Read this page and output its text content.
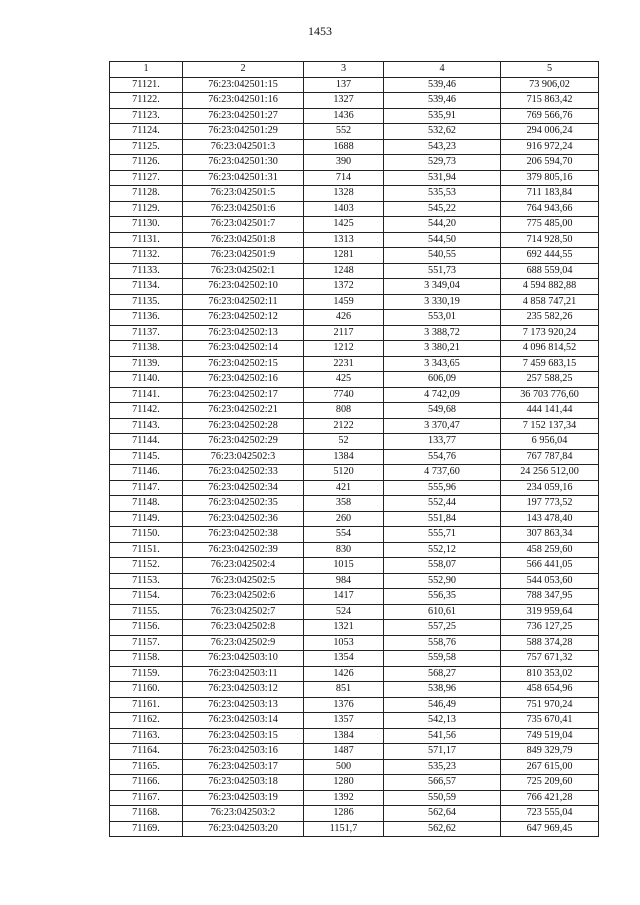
1453
1	2	3	4	5
71121.	76:23:042501:15	137	539,46	73 906,02
71122.	76:23:042501:16	1327	539,46	715 863,42
71123.	76:23:042501:27	1436	535,91	769 566,76
71124.	76:23:042501:29	552	532,62	294 006,24
71125.	76:23:042501:3	1688	543,23	916 972,24
71126.	76:23:042501:30	390	529,73	206 594,70
71127.	76:23:042501:31	714	531,94	379 805,16
71128.	76:23:042501:5	1328	535,53	711 183,84
71129.	76:23:042501:6	1403	545,22	764 943,66
71130.	76:23:042501:7	1425	544,20	775 485,00
71131.	76:23:042501:8	1313	544,50	714 928,50
71132.	76:23:042501:9	1281	540,55	692 444,55
71133.	76:23:042502:1	1248	551,73	688 559,04
71134.	76:23:042502:10	1372	3 349,04	4 594 882,88
71135.	76:23:042502:11	1459	3 330,19	4 858 747,21
71136.	76:23:042502:12	426	553,01	235 582,26
71137.	76:23:042502:13	2117	3 388,72	7 173 920,24
71138.	76:23:042502:14	1212	3 380,21	4 096 814,52
71139.	76:23:042502:15	2231	3 343,65	7 459 683,15
71140.	76:23:042502:16	425	606,09	257 588,25
71141.	76:23:042502:17	7740	4 742,09	36 703 776,60
71142.	76:23:042502:21	808	549,68	444 141,44
71143.	76:23:042502:28	2122	3 370,47	7 152 137,34
71144.	76:23:042502:29	52	133,77	6 956,04
71145.	76:23:042502:3	1384	554,76	767 787,84
71146.	76:23:042502:33	5120	4 737,60	24 256 512,00
71147.	76:23:042502:34	421	555,96	234 059,16
71148.	76:23:042502:35	358	552,44	197 773,52
71149.	76:23:042502:36	260	551,84	143 478,40
71150.	76:23:042502:38	554	555,71	307 863,34
71151.	76:23:042502:39	830	552,12	458 259,60
71152.	76:23:042502:4	1015	558,07	566 441,05
71153.	76:23:042502:5	984	552,90	544 053,60
71154.	76:23:042502:6	1417	556,35	788 347,95
71155.	76:23:042502:7	524	610,61	319 959,64
71156.	76:23:042502:8	1321	557,25	736 127,25
71157.	76:23:042502:9	1053	558,76	588 374,28
71158.	76:23:042503:10	1354	559,58	757 671,32
71159.	76:23:042503:11	1426	568,27	810 353,02
71160.	76:23:042503:12	851	538,96	458 654,96
71161.	76:23:042503:13	1376	546,49	751 970,24
71162.	76:23:042503:14	1357	542,13	735 670,41
71163.	76:23:042503:15	1384	541,56	749 519,04
71164.	76:23:042503:16	1487	571,17	849 329,79
71165.	76:23:042503:17	500	535,23	267 615,00
71166.	76:23:042503:18	1280	566,57	725 209,60
71167.	76:23:042503:19	1392	550,59	766 421,28
71168.	76:23:042503:2	1286	562,64	723 555,04
71169.	76:23:042503:20	1151,7	562,62	647 969,45
